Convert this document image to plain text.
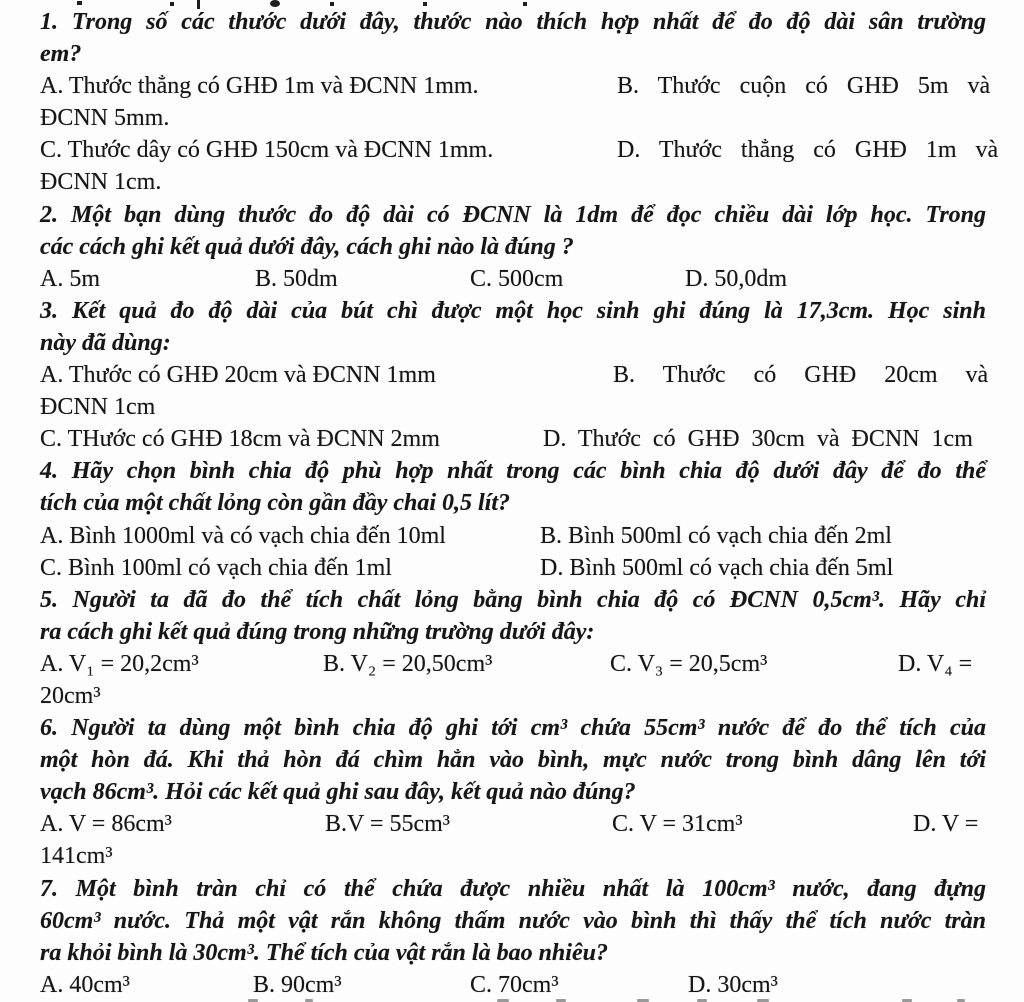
1. Trong số các thước dưới đây, thước nào thích hợp nhất để đo độ dài sân trường
em?
A. Thước thẳng có GHĐ 1m và ĐCNN 1mm.	B. Thước cuộn có GHĐ 5m và
ĐCNN 5mm.
C. Thước dây có GHĐ 150cm và ĐCNN 1mm.	D. Thước thẳng có GHĐ 1m và
ĐCNN 1cm.
2. Một bạn dùng thước đo độ dài có ĐCNN là 1dm để đọc chiều dài lớp học. Trong
các cách ghi kết quả dưới đây, cách ghi nào là đúng ?
A. 5m	B. 50dm	C. 500cm	D. 50,0dm
3. Kết quả đo độ dài của bút chì được một học sinh ghi đúng là 17,3cm. Học sinh
này đã dùng:
A. Thước có GHĐ 20cm và ĐCNN 1mm	B. Thước có GHĐ 20cm và
ĐCNN 1cm
C. THước có GHĐ 18cm và ĐCNN 2mm	D. Thước có GHĐ 30cm và ĐCNN 1cm
4. Hãy chọn bình chia độ phù hợp nhất trong các bình chia độ dưới đây để đo thể
tích của một chất lỏng còn gần đầy chai 0,5 lít?
A. Bình 1000ml và có vạch chia đến 10ml	B. Bình 500ml có vạch chia đến 2ml
C. Bình 100ml có vạch chia đến 1ml	D. Bình 500ml có vạch chia đến 5ml
5. Người ta đã đo thể tích chất lỏng bằng bình chia độ có ĐCNN 0,5cm³. Hãy chỉ
ra cách ghi kết quả đúng trong những trường dưới đây:
A. V₁ = 20,2cm³	B. V₂ = 20,50cm³	C. V₃ = 20,5cm³	D. V₄ =
20cm³
6. Người ta dùng một bình chia độ ghi tới cm³ chứa 55cm³ nước để đo thể tích của
một hòn đá. Khi thả hòn đá chìm hẳn vào bình, mực nước trong bình dâng lên tới
vạch 86cm³. Hỏi các kết quả ghi sau đây, kết quả nào đúng?
A. V = 86cm³	B.V = 55cm³	C. V = 31cm³	D. V =
141cm³
7. Một bình tràn chỉ có thể chứa được nhiều nhất là 100cm³ nước, đang đựng
60cm³ nước. Thả một vật rắn không thấm nước vào bình thì thấy thể tích nước tràn
ra khỏi bình là 30cm³. Thể tích của vật rắn là bao nhiêu?
A. 40cm³	B. 90cm³	C. 70cm³	D. 30cm³
